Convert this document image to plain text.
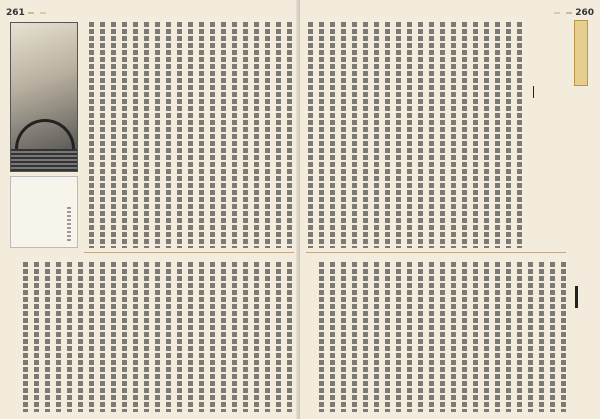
261	260
